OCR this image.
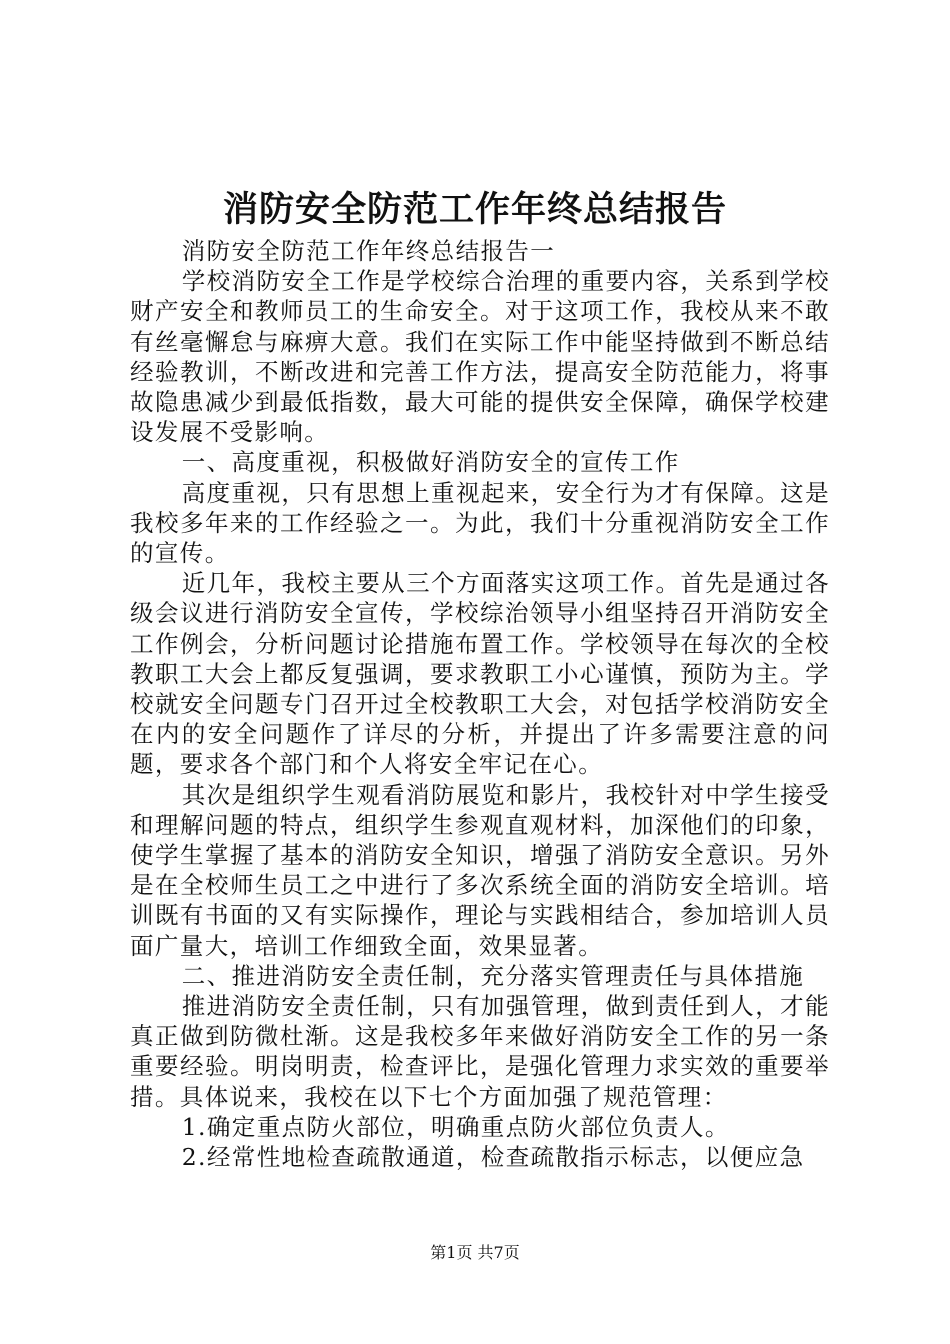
消防安全防范工作年终总结报告

消防安全防范工作年终总结报告一

学校消防安全工作是学校综合治理的重要内容，关系到学校财产安全和教师员工的生命安全。对于这项工作，我校从来不敢有丝毫懈怠与麻痹大意。我们在实际工作中能坚持做到不断总结经验教训，不断改进和完善工作方法，提高安全防范能力，将事故隐患减少到最低指数，最大可能的提供安全保障，确保学校建设发展不受影响。

一、高度重视，积极做好消防安全的宣传工作

高度重视，只有思想上重视起来，安全行为才有保障。这是我校多年来的工作经验之一。为此，我们十分重视消防安全工作的宣传。

近几年，我校主要从三个方面落实这项工作。首先是通过各级会议进行消防安全宣传，学校综治领导小组坚持召开消防安全工作例会，分析问题讨论措施布置工作。学校领导在每次的全校教职工大会上都反复强调，要求教职工小心谨慎，预防为主。学校就安全问题专门召开过全校教职工大会，对包括学校消防安全在内的安全问题作了详尽的分析，并提出了许多需要注意的问题，要求各个部门和个人将安全牢记在心。

其次是组织学生观看消防展览和影片，我校针对中学生接受和理解问题的特点，组织学生参观直观材料，加深他们的印象，使学生掌握了基本的消防安全知识，增强了消防安全意识。另外是在全校师生员工之中进行了多次系统全面的消防安全培训。培训既有书面的又有实际操作，理论与实践相结合，参加培训人员面广量大，培训工作细致全面，效果显著。

二、推进消防安全责任制，充分落实管理责任与具体措施

推进消防安全责任制，只有加强管理，做到责任到人，才能真正做到防微杜渐。这是我校多年来做好消防安全工作的另一条重要经验。明岗明责，检查评比，是强化管理力求实效的重要举措。具体说来，我校在以下七个方面加强了规范管理：

1.确定重点防火部位，明确重点防火部位负责人。

2.经常性地检查疏散通道，检查疏散指示标志，以便应急

第1页 共7页
